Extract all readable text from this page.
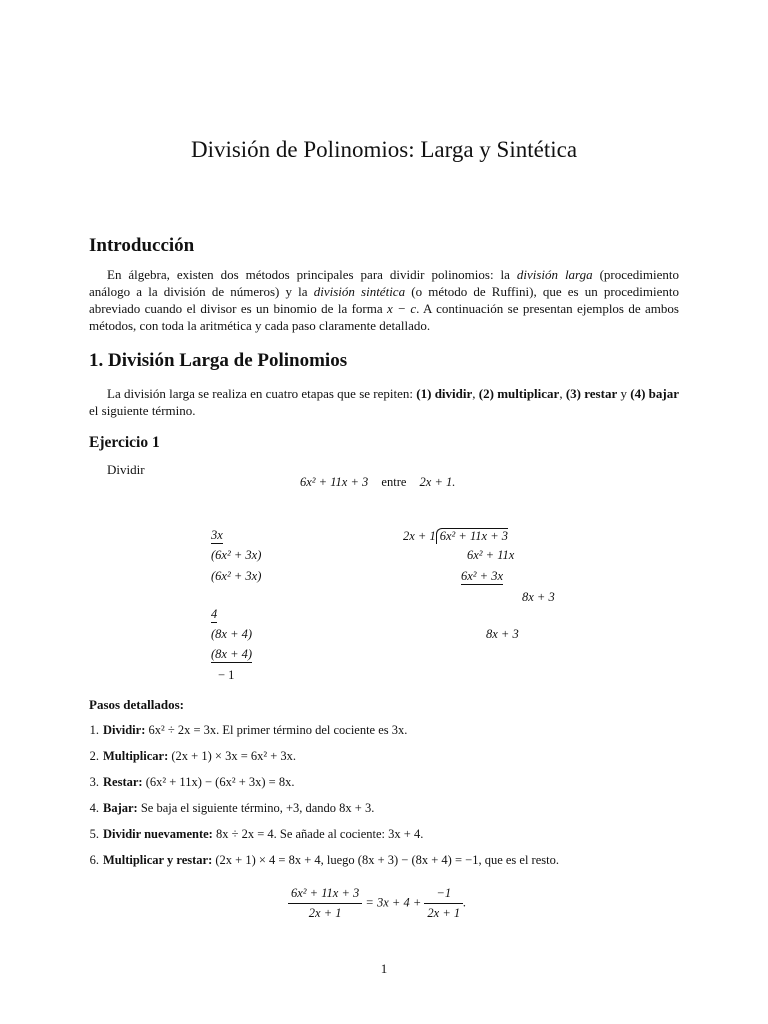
División de Polinomios: Larga y Sintética
Introducción
En álgebra, existen dos métodos principales para dividir polinomios: la división larga (procedimiento análogo a la división de números) y la división sintética (o método de Ruffini), que es un procedimiento abreviado cuando el divisor es un binomio de la forma x − c. A continuación se presentan ejemplos de ambos métodos, con toda la aritmética y cada paso claramente detallado.
1. División Larga de Polinomios
La división larga se realiza en cuatro etapas que se repiten: (1) dividir, (2) multiplicar, (3) restar y (4) bajar el siguiente término.
Ejercicio 1
Dividir
6x² + 11x + 3 entre 2x + 1.
3x
(6x² + 3x)
(6x² + 3x)
4
(8x + 4)
(8x + 4)
− 1
2x + 1 6x² + 11x + 3
6x² + 11x
6x² + 3x
8x + 3
8x + 3
Pasos detallados:
1. Dividir: 6x² ÷ 2x = 3x. El primer término del cociente es 3x.
2. Multiplicar: (2x + 1) × 3x = 6x² + 3x.
3. Restar: (6x² + 11x) − (6x² + 3x) = 8x.
4. Bajar: Se baja el siguiente término, +3, dando 8x + 3.
5. Dividir nuevamente: 8x ÷ 2x = 4. Se añade al cociente: 3x + 4.
6. Multiplicar y restar: (2x + 1) × 4 = 8x + 4, luego (8x + 3) − (8x + 4) = −1, que es el resto.
$\frac{\text{6x² + 11x + 3}}{2x + 1} = 3x + 4 + \frac{-1}{2x + 1}$ .
1
